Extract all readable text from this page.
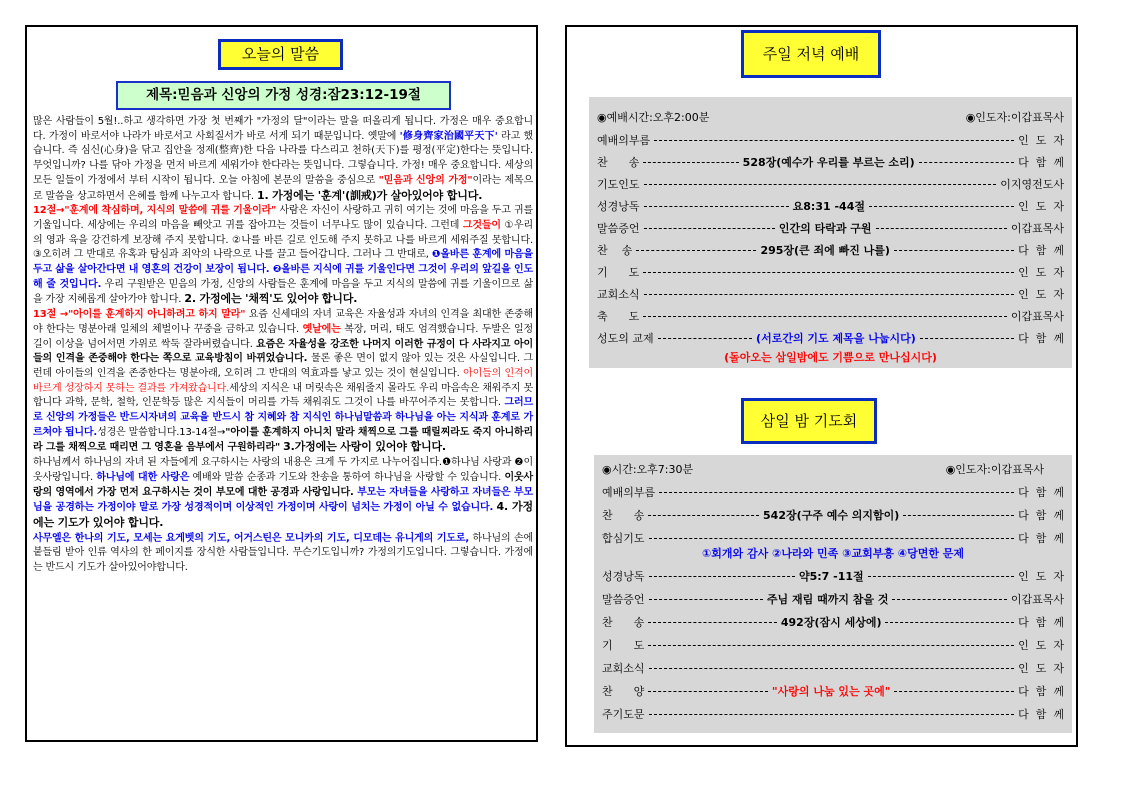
오늘의 말씀
제목:믿음과 신앙의 가정 성경:잠23:12-19절

많은 사람들이 5월!..하고 생각하면 가장 첫 번째가 "가정의 달"이라는 말을 떠올리게 됩니다. 가정은 매우 중요합니다. 가정이 바로서야 나라가 바로서고 사회질서가 바로 서게 되기 때문입니다. 옛말에 '修身齊家治國平天下' 라고 했습니다. 즉 심신(心身)을 닦고 집안을 정제(整齊)한 다음 나라를 다스리고 천하(天下)를 평정(平定)한다는 뜻입니다. 무엇입니까? 나를 닦아 가정을 먼저 바르게 세워가야 한다라는 뜻입니다. 그렇습니다. 가정! 매우 중요합니다. 세상의 모든 일들이 가정에서 부터 시작이 됩니다. 오늘 아침에 본문의 말씀을 중심으로 "믿음과 신앙의 가정"이라는 제목으로 말씀을 상고하면서 은혜를 함께 나누고자 합니다. 1. 가정에는 '훈계'(訓戒)가 살아있어야 합니다.

12절→"훈계에 착심하며, 지식의 말씀에 귀를 기울이라" 사람은 자신이 사랑하고 귀히 여기는 것에 마음을 두고 귀를 기울입니다. 세상에는 우리의 마음을 빼앗고 귀를 잡아끄는 것들이 너무나도 많이 있습니다. 그런데 그것들이 ①우리의 영과 육을 강건하게 보장해 주지 못합니다. ②나를 바른 길로 인도해 주지 못하고 나를 바르게 세워주질 못합니다. ③오히려 그 반대로 유혹과 탐심과 죄악의 나락으로 나를 끌고 들어갑니다. 그러나 그 반대로, ❶올바른 훈계에 마음을 두고 삶을 살아간다면 내 영혼의 건강이 보장이 됩니다. ❷올바른 지식에 귀를 기울인다면 그것이 우리의 앞길을 인도해 줄 것입니다. 우리 구원받은 믿음의 가정, 신앙의 사람들은 훈계에 마음을 두고 지식의 말씀에 귀를 기울이므로 삶을 가장 지혜롭게 살아가야 합니다. 2. 가정에는 '채찍'도 있어야 합니다.

13절 →"아이를 훈계하지 아니하려고 하지 말라" 요즘 신세대의 자녀 교육은 자율성과 자녀의 인격을 최대한 존중해야 한다는 명분아래 일체의 체벌이나 꾸중을 금하고 있습니다. 옛날에는 복장, 머리, 태도 엄격했습니다. 두발은 일정길이 이상을 넘어서면 가위로 싹둑 잘라버렸습니다. 요즘은 자율성을 강조한 나머지 이러한 규정이 다 사라지고 아이들의 인격을 존중해야 한다는 쪽으로 교육방침이 바뀌었습니다. 물론 좋은 면이 없지 않아 있는 것은 사실입니다. 그런데 아이들의 인격을 존중한다는 명분아래, 오히려 그 반대의 역효과를 낳고 있는 것이 현실입니다. 아이들의 인격이 바르게 성장하지 못하는 결과를 가져왔습니다.세상의 지식은 내 머릿속은 채워줄지 몰라도 우리 마음속은 채워주지 못합니다 과학, 문학, 철학, 인문학등 많은 지식들이 머리를 가득 채워줘도 그것이 나를 바꾸어주지는 못합니다. 그러므로 신앙의 가정들은 반드시자녀의 교육을 반드시 참 지혜와 참 지식인 하나님말씀과 하나님을 아는 지식과 훈계로 가르쳐야 됩니다.성경은 말씀합니다.13-14절→"아이를 훈계하지 아니치 말라 채찍으로 그를 때릴찌라도 죽지 아니하리라 그를 채찍으로 때리면 그 영혼을 음부에서 구원하리라" 3.가정에는 사랑이 있어야 합니다.

하나님께서 하나님의 자녀 된 자들에게 요구하시는 사랑의 내용은 크게 두 가지로 나누어집니다.❶하나님 사랑과 ❷이웃사랑입니다. 하나님에 대한 사랑은 예배와 말씀 순종과 기도와 찬송을 통하여 하나님을 사랑할 수 있습니다. 이웃사랑의 영역에서 가장 먼저 요구하시는 것이 부모에 대한 공경과 사랑입니다. 부모는 자녀들을 사랑하고 자녀들은 부모님을 공경하는 가정이야 말로 가장 성경적이며 이상적인 가정이며 사랑이 넘치는 가정이 아닐 수 없습니다. 4. 가정에는 기도가 있어야 합니다.

사무엘은 한나의 기도, 모세는 요게벳의 기도, 어거스틴은 모니카의 기도, 디모데는 유니게의 기도로, 하나님의 손에 붙들림 받아 인류 역사의 한 페이지를 장식한 사람들입니다. 무슨기도입니까? 가정의기도입니다. 그렇습니다. 가정에는 반드시 기도가 살아있어야합니다.

주일 저녁 예배
◉예배시간:오후2:00분	◉인도자:이갑표목사
예배의부름	인  도  자
찬      송	528장(예수가 우리를 부르는 소리)	다  함  께
기도인도	이지영전도사
성경낭독	요8:31 -44절	인  도  자
말씀증언	인간의 타락과 구원	이갑표목사
찬    송	295장(큰 죄에 빠진 나를)	다  함  께
기      도	인  도  자
교회소식	인  도  자
축      도	이갑표목사
성도의 교제	(서로간의 기도 제목을 나눕시다)	다  함  께
(돌아오는 삼일밤에도 기쁨으로 만나십시다)
삼일 밤 기도회
◉시간:오후7:30분	◉인도자:이갑표목사
예배의부름	다  함  께
찬      송	542장(구주 예수 의지함이)	다  함  께
합심기도	다  함  께
성경낭독	약5:7 -11절	인  도  자
말씀증언	주님 재림 때까지 참을 것	이갑표목사
찬      송	492장(잠시 세상에)	다  함  께
기      도	인  도  자
교회소식	인  도  자
찬      양	"사랑의 나눔 있는 곳에"	다  함  께
주기도문	다  함  께
①회개와 감사 ②나라와 민족 ③교회부흥 ④당면한 문제
